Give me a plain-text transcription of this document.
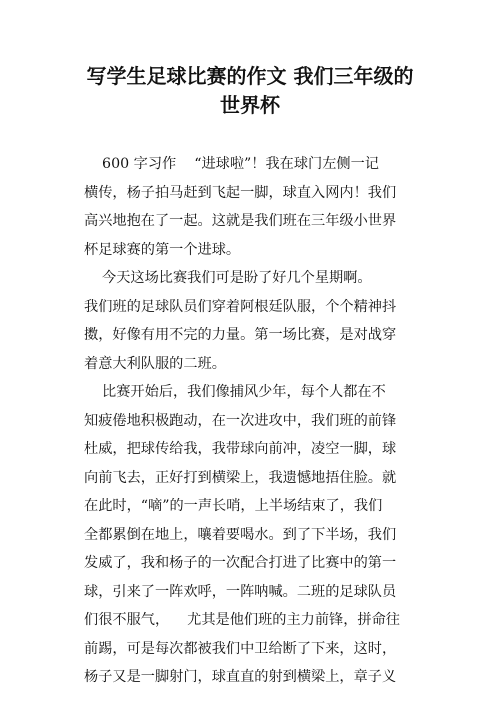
写学生足球比赛的作文 我们三年级的
世界杯
600 字习作    “进球啦”！我在球门左侧一记
横传，杨子拍马赶到飞起一脚，球直入网内！我们
高兴地抱在了一起。这就是我们班在三年级小世界
杯足球赛的第一个进球。
今天这场比赛我们可是盼了好几个星期啊。
我们班的足球队员们穿着阿根廷队服，个个精神抖
擞，好像有用不完的力量。第一场比赛，是对战穿
着意大利队服的二班。
比赛开始后，我们像捕风少年，每个人都在不
知疲倦地积极跑动，在一次进攻中，我们班的前锋
杜威，把球传给我，我带球向前冲，凌空一脚，球
向前飞去，正好打到横梁上，我遗憾地捂住脸。就
在此时，“嘀”的一声长哨，上半场结束了，我们
全都累倒在地上，嚷着要喝水。到了下半场，我们
发威了，我和杨子的一次配合打进了比赛中的第一
球，引来了一阵欢呼，一阵呐喊。二班的足球队员
们很不服气，    尤其是他们班的主力前锋，拼命往
前踢，可是每次都被我们中卫给断了下来，这时，
杨子又是一脚射门，球直直的射到横梁上，章子义
